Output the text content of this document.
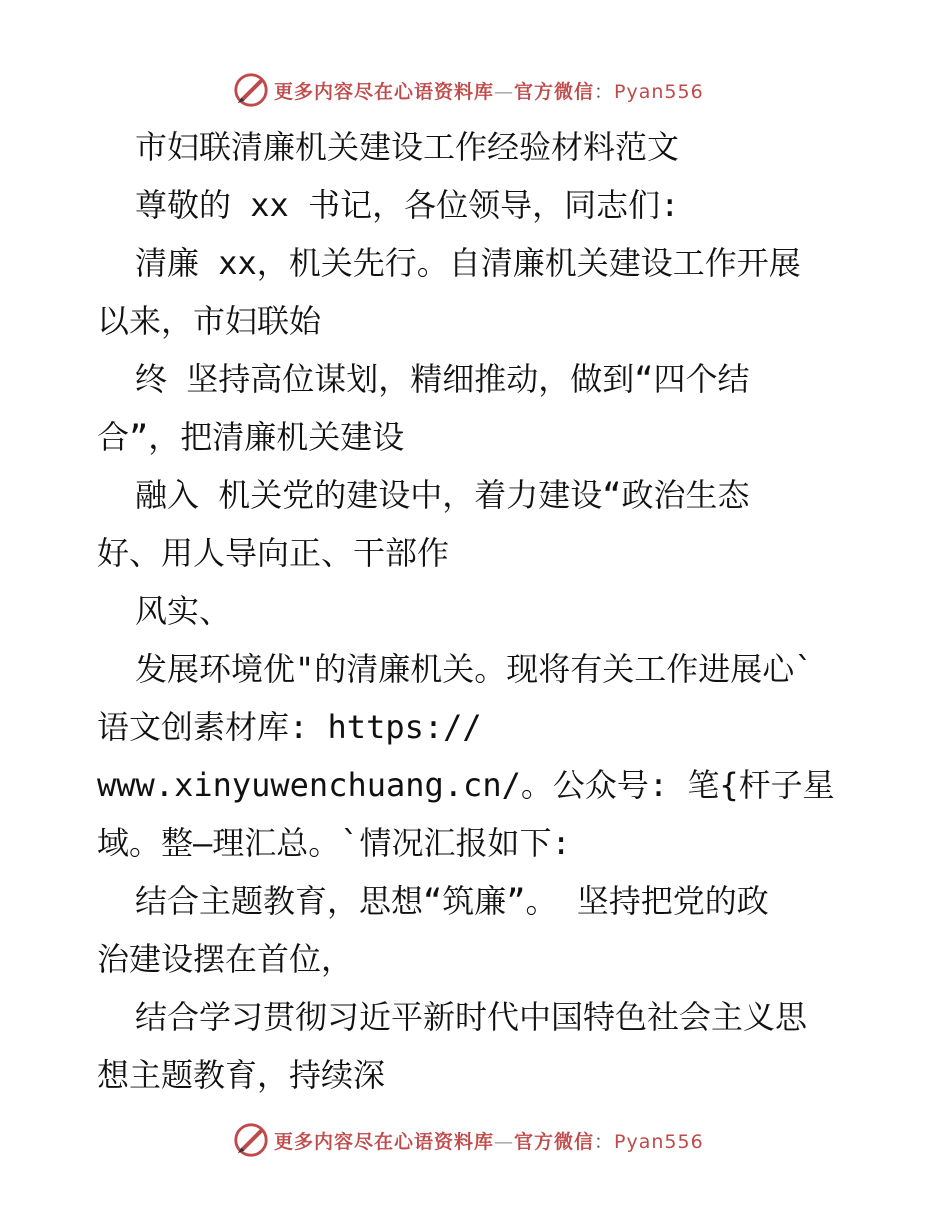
更多内容尽在心语资料库—官方微信：Pyan556
市妇联清廉机关建设工作经验材料范文
尊敬的 xx 书记，各位领导，同志们:
清廉 xx，机关先行。自清廉机关建设工作开展
以来，市妇联始
终 坚持高位谋划，精细推动，做到“四个结
合”，把清廉机关建设
融入 机关党的建设中，着力建设“政治生态
好、用人导向正、干部作
风实、
发展环境优"的清廉机关。现将有关工作进展心`
语文创素材库: https://
www.xinyuwenchuang.cn/。公众号: 笔{杆子星
域。整—理汇总。`情况汇报如下:
结合主题教育，思想“筑廉”。 坚持把党的政
治建设摆在首位，
结合学习贯彻习近平新时代中国特色社会主义思
想主题教育，持续深
更多内容尽在心语资料库—官方微信：Pyan556
